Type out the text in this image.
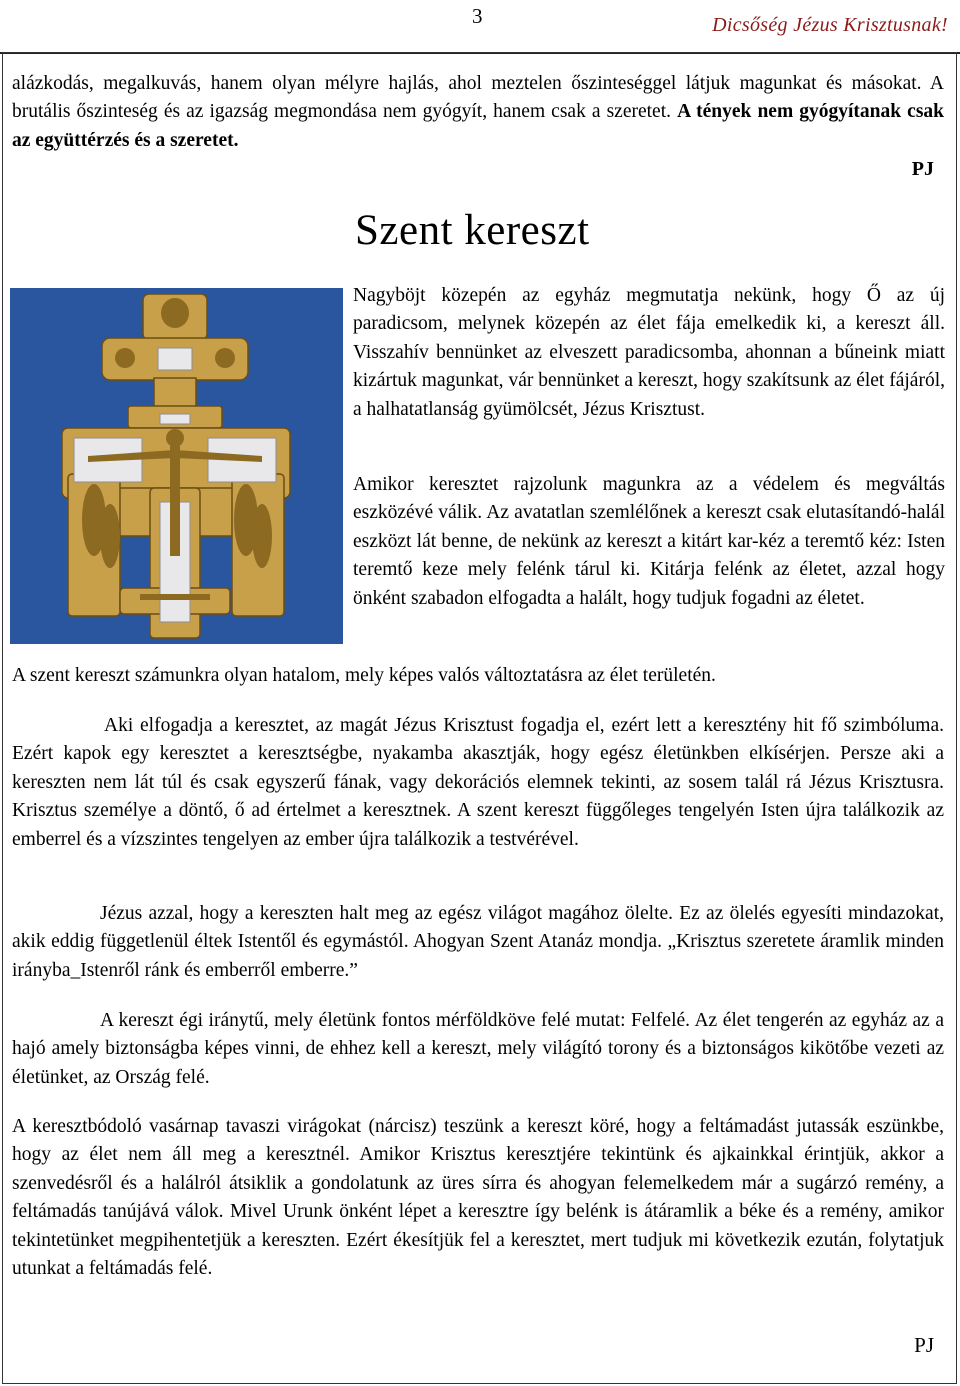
3	Dicsőség Jézus Krisztusnak!
alázkodás, megalkuvás, hanem olyan mélyre hajlás, ahol meztelen őszinteséggel látjuk magunkat és másokat. A brutális őszinteség és az igazság megmondása nem gyógyít, hanem csak a szeretet. A tények nem gyógyítanak csak az együttérzés és a szeretet.
PJ
Szent kereszt
Nagyböjt közepén az egyház megmutatja nekünk, hogy Ő az új paradicsom, melynek közepén az élet fája emelkedik ki, a kereszt áll. Visszahív bennünket az elveszett paradicsomba, ahonnan a bűneink miatt kizártuk magunkat, vár bennünket a kereszt, hogy szakítsunk az élet fájáról, a halhatatlanság gyümölcsét, Jézus Krisztust.
Amikor keresztet rajzolunk magunkra az a védelem és megváltás eszközévé válik. Az avatatlan szemlélőnek a kereszt csak elutasítandó-halál eszközt lát benne, de nekünk az kereszt a kitárt kar-kéz a teremtő kéz: Isten teremtő keze mely felénk tárul ki. Kitárja felénk az életet, azzal hogy önként szabadon elfogadta a halált, hogy tudjuk fogadni az életet.
A szent kereszt számunkra olyan hatalom, mely képes valós változtatásra az élet területén.
Aki elfogadja a keresztet, az magát Jézus Krisztust fogadja el, ezért lett a keresztény hit fő szimbóluma. Ezért kapok egy keresztet a keresztségbe, nyakamba akasztják, hogy egész életünkben elkísérjen. Persze aki a kereszten nem lát túl és csak egyszerű fának, vagy dekorációs elemnek tekinti, az sosem talál rá Jézus Krisztusra. Krisztus személye a döntő, ő ad értelmet a keresztnek. A szent kereszt függőleges tengelyén Isten újra találkozik az emberrel és a vízszintes tengelyen az ember újra találkozik a testvérével.
Jézus azzal, hogy a kereszten halt meg az egész világot magához ölelte. Ez az ölelés egyesíti mindazokat, akik eddig függetlenül éltek Istentől és egymástól. Ahogyan Szent Atanáz mondja. „Krisztus szeretete áramlik minden irányba_Istenről ránk és emberről emberre.”
A kereszt égi iránytű, mely életünk fontos mérföldköve felé mutat: Felfelé. Az élet tengerén az egyház az a hajó amely biztonságba képes vinni, de ehhez kell a kereszt, mely világító torony és a biztonságos kikötőbe vezeti az életünket, az Ország felé.
A keresztbódoló vasárnap tavaszi virágokat (nárcisz) teszünk a kereszt köré, hogy a feltámadást jutassák eszünkbe, hogy az élet nem áll meg a keresztnél. Amikor Krisztus keresztjére tekintünk és ajkainkkal érintjük, akkor a szenvedésről és a halálról átsiklik a gondolatunk az üres sírra és ahogyan felemelkedem már a sugárzó remény, a feltámadás tanújává válok. Mivel Urunk önként lépet a keresztre így belénk is átáramlik a béke és a remény, amikor tekintetünket megpihentetjük a kereszten. Ezért ékesítjük fel a keresztet, mert tudjuk mi következik ezután, folytatjuk utunkat a feltámadás felé.
PJ
